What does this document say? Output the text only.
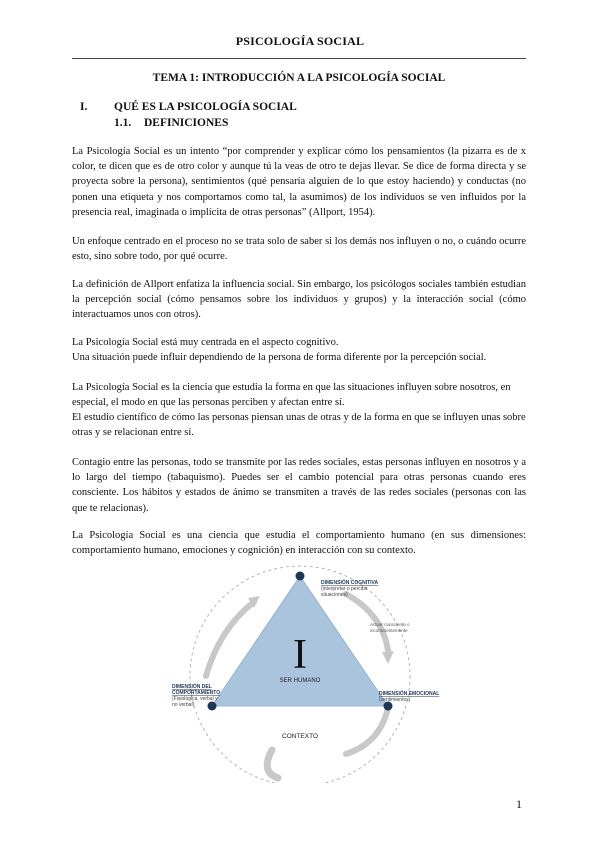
PSICOLOGÍA SOCIAL
TEMA 1: INTRODUCCIÓN A LA PSICOLOGÍA SOCIAL
I. QUÉ ES LA PSICOLOGÍA SOCIAL
1.1. DEFINICIONES

La Psicología Social es un intento “por comprender y explicar cómo los pensamientos (la pizarra es de x color, te dicen que es de otro color y aunque tú la veas de otro te dejas llevar. Se dice de forma directa y se proyecta sobre la persona), sentimientos (qué pensaría alguien de lo que estoy haciendo) y conductas (no ponen una etiqueta y nos comportamos como tal, la asumimos) de los individuos se ven influidos por la presencia real, imaginada o implícita de otras personas” (Allport, 1954).

Un enfoque centrado en el proceso no se trata solo de saber si los demás nos influyen o no, o cuándo ocurre esto, sino sobre todo, por qué ocurre.

La definición de Allport enfatiza la influencia social. Sin embargo, los psicólogos sociales también estudian la percepción social (cómo pensamos sobre los individuos y grupos) y la interacción social (cómo interactuamos unos con otros).

La Psicología Social está muy centrada en el aspecto cognitivo.

Una situación puede influir dependiendo de la persona de forma diferente por la percepción social.

La Psicología Social es la ciencia que estudia la forma en que las situaciones influyen sobre nosotros, en especial, el modo en que las personas perciben y afectan entre sí.

El estudio científico de cómo las personas piensan unas de otras y de la forma en que se influyen unas sobre otras y se relacionan entre sí.

Contagio entre las personas, todo se transmite por las redes sociales, estas personas influyen en nosotros y a lo largo del tiempo (tabaquismo). Puedes ser el cambio potencial para otras personas cuando eres consciente. Los hábitos y estados de ánimo se transmiten a través de las redes sociales (personas con las que te relacionas).

La Psicología Social es una ciencia que estudia el comportamiento humano (en sus dimensiones: comportamiento humano, emociones y cognición) en interacción con su contexto.

I
SER HUMANO
CONTEXTO
DIMENSIÓN COGNITIVA
(interpretar o percibir
situaciones)
Actuar consciente o
inconscientemente
DIMENSIÓN DEL
COMPORTAMIENTO
(Fisiológica, verbal y
no verbal)
DIMENSIÓN EMOCIONAL
(sentimientos)
1
